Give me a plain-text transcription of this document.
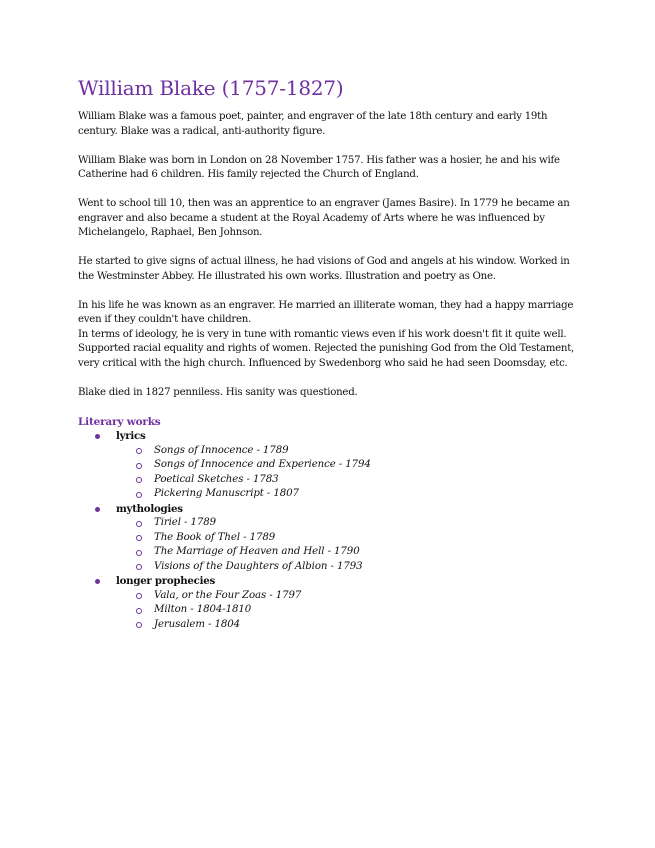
William Blake (1757-1827)

William Blake was a famous poet, painter, and engraver of the late 18th century and early 19th century. Blake was a radical, anti-authority figure.

William Blake was born in London on 28 November 1757. His father was a hosier, he and his wife Catherine had 6 children. His family rejected the Church of England.

Went to school till 10, then was an apprentice to an engraver (James Basire). In 1779 he became an engraver and also became a student at the Royal Academy of Arts where he was influenced by Michelangelo, Raphael, Ben Johnson.

He started to give signs of actual illness, he had visions of God and angels at his window. Worked in the Westminster Abbey. He illustrated his own works. Illustration and poetry as One.

In his life he was known as an engraver. He married an illiterate woman, they had a happy marriage even if they couldn't have children.

In terms of ideology, he is very in tune with romantic views even if his work doesn't fit it quite well. Supported racial equality and rights of women. Rejected the punishing God from the Old Testament, very critical with the high church. Influenced by Swedenborg who said he had seen Doomsday, etc.

Blake died in 1827 penniless. His sanity was questioned.

Literary works
lyrics
Songs of Innocence - 1789
Songs of Innocence and Experience - 1794
Poetical Sketches - 1783
Pickering Manuscript - 1807
mythologies
Tiriel - 1789
The Book of Thel - 1789
The Marriage of Heaven and Hell - 1790
Visions of the Daughters of Albion - 1793
longer prophecies
Vala, or the Four Zoas - 1797
Milton - 1804-1810
Jerusalem - 1804
